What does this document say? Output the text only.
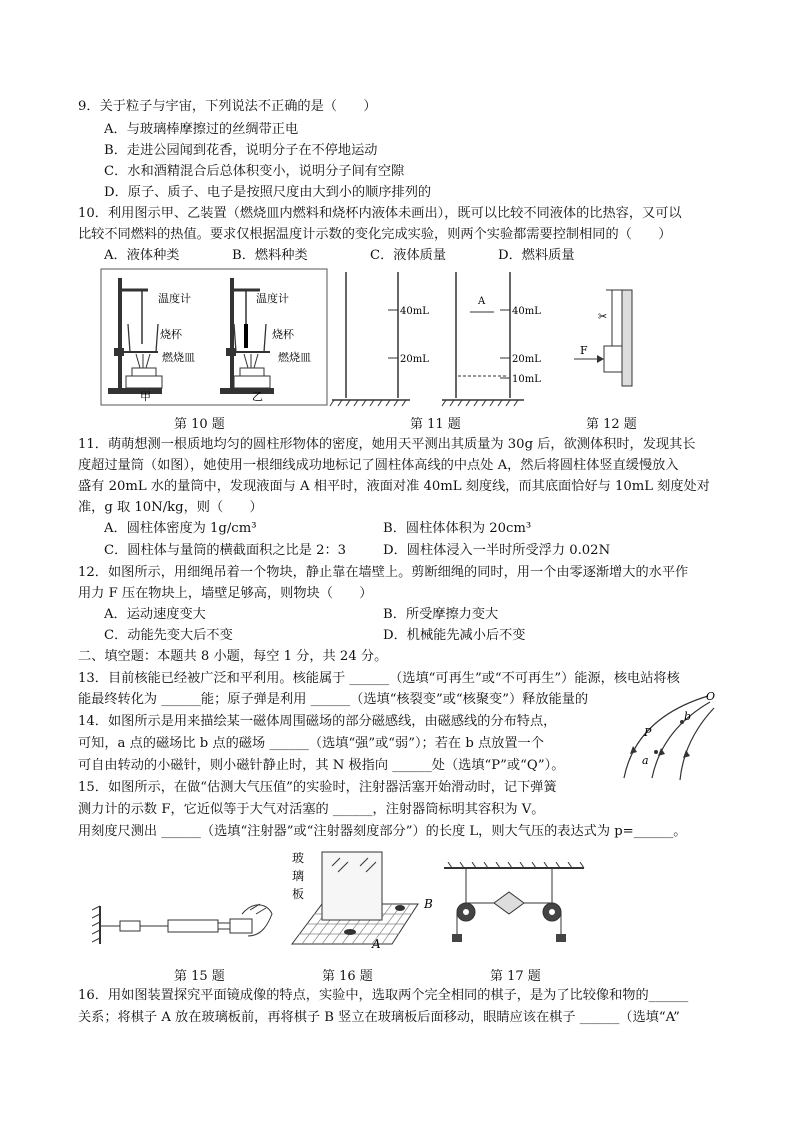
9．关于粒子与宇宙，下列说法不正确的是（　　）
A．与玻璃棒摩擦过的丝绸带正电
B．走进公园闻到花香，说明分子在不停地运动
C．水和酒精混合后总体积变小，说明分子间有空隙
D．原子、质子、电子是按照尺度由大到小的顺序排列的
10．利用图示甲、乙装置（燃烧皿内燃料和烧杯内液体未画出），既可以比较不同液体的比热容，又可以
比较不同燃料的热值。要求仅根据温度计示数的变化完成实验，则两个实验都需要控制相同的（　　）
A．液体种类	B．燃料种类	C．液体质量	D．燃料质量
温度计
烧杯
燃烧皿
温度计
烧杯
燃烧皿
甲	乙
40mL
20mL
A
40mL
20mL
10mL
✂
F
第 10 题	第 11 题	第 12 题
11．萌萌想测一根质地均匀的圆柱形物体的密度，她用天平测出其质量为 30g 后，欲测体积时，发现其长
度超过量筒（如图），她使用一根细线成功地标记了圆柱体高线的中点处 A，然后将圆柱体竖直缓慢放入
盛有 20mL 水的量筒中，发现液面与 A 相平时，液面对准 40mL 刻度线，而其底面恰好与 10mL 刻度处对
准，g 取 10N/kg，则（　　）
A．圆柱体密度为 1g/cm³	B．圆柱体体积为 20cm³
C．圆柱体与量筒的横截面积之比是 2：3	D．圆柱体浸入一半时所受浮力 0.02N
12．如图所示，用细绳吊着一个物块，静止靠在墙壁上。剪断细绳的同时，用一个由零逐渐增大的水平作
用力 F 压在物块上，墙壁足够高，则物块（　　）
A．运动速度变大	B．所受摩擦力变大
C．动能先变大后不变	D．机械能先减小后不变
二、填空题：本题共 8 小题，每空 1 分，共 24 分。
13．目前核能已经被广泛和平利用。核能属于 ______（选填“可再生”或“不可再生”）能源，核电站将核
能最终转化为 ______能；原子弹是利用 ______（选填“核裂变”或“核聚变”）释放能量的
14．如图所示是用来描绘某一磁体周围磁场的部分磁感线，由磁感线的分布特点，
可知，a 点的磁场比 b 点的磁场 ______（选填“强”或“弱”）；若在 b 点放置一个
可自由转动的小磁针，则小磁针静止时，其 N 极指向 ______处（选填“P”或“Q”）。
O
b
P
a
15．如图所示，在做“估测大气压值”的实验时，注射器活塞开始滑动时，记下弹簧
测力计的示数 F，它近似等于大气对活塞的 ______，注射器筒标明其容积为 V。
用刻度尺测出 ______（选填“注射器”或“注射器刻度部分”）的长度 L，则大气压的表达式为 p=______。
玻
璃
板
B
A
第 15 题	第 16 题	第 17 题
16．用如图装置探究平面镜成像的特点，实验中，选取两个完全相同的棋子，是为了比较像和物的______
关系；将棋子 A 放在玻璃板前，再将棋子 B 竖立在玻璃板后面移动，眼睛应该在棋子 ______（选填“A”
